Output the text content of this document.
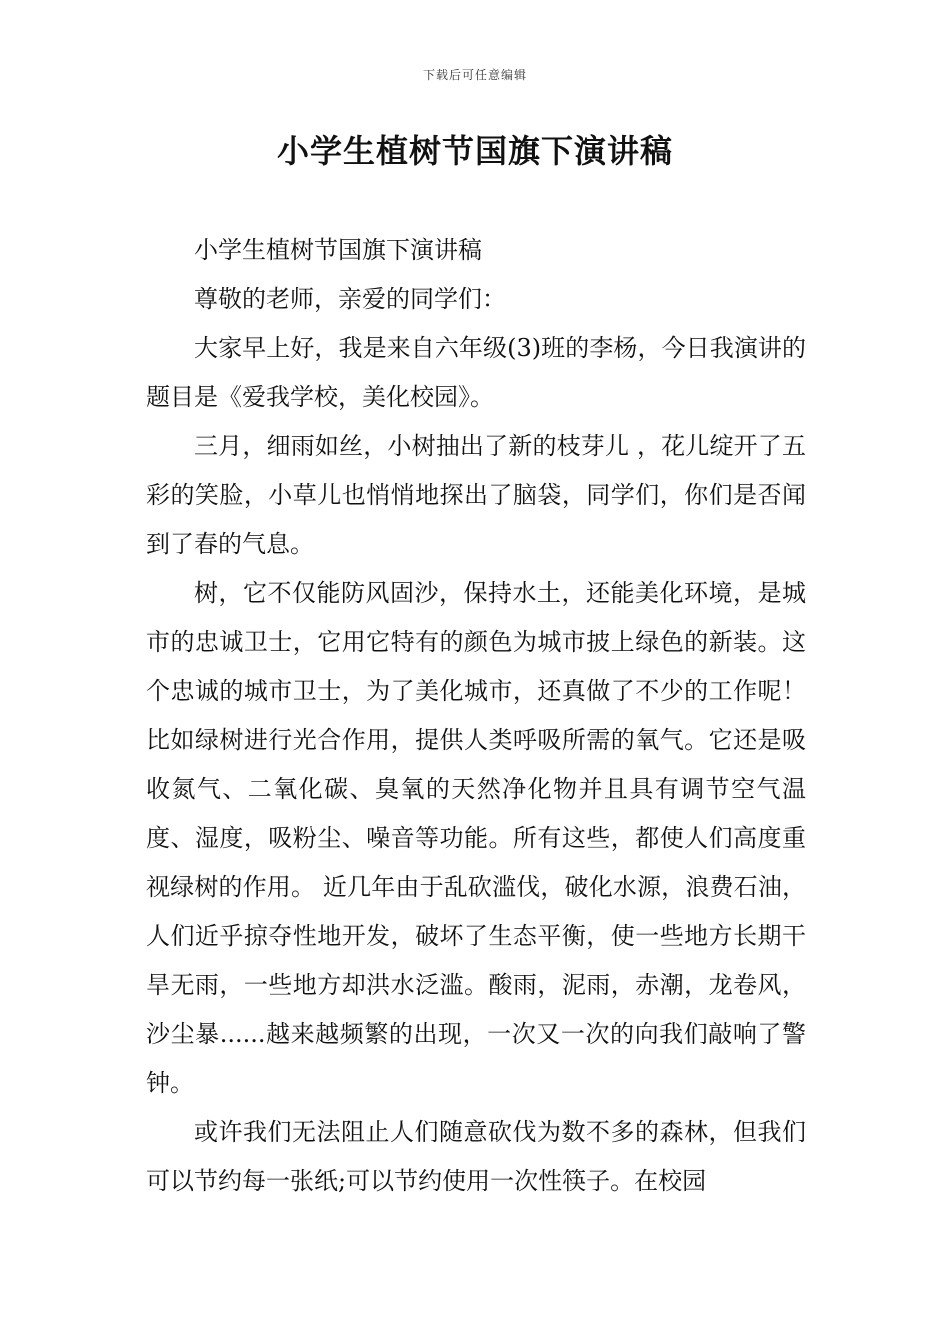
下载后可任意编辑
小学生植树节国旗下演讲稿

小学生植树节国旗下演讲稿

尊敬的老师，亲爱的同学们：

大家早上好，我是来自六年级(3)班的李杨，今日我演讲的题目是《爱我学校，美化校园》。

三月，细雨如丝，小树抽出了新的枝芽儿 ，花儿绽开了五彩的笑脸，小草儿也悄悄地探出了脑袋，同学们，你们是否闻到了春的气息。

树，它不仅能防风固沙，保持水土，还能美化环境，是城市的忠诚卫士，它用它特有的颜色为城市披上绿色的新装。这个忠诚的城市卫士，为了美化城市，还真做了不少的工作呢！比如绿树进行光合作用，提供人类呼吸所需的氧气。它还是吸收氮气、二氧化碳、臭氧的天然净化物并且具有调节空气温度、湿度，吸粉尘、噪音等功能。所有这些，都使人们高度重视绿树的作用。 近几年由于乱砍滥伐，破化水源，浪费石油，人们近乎掠夺性地开发，破坏了生态平衡，使一些地方长期干旱无雨，一些地方却洪水泛滥。酸雨，泥雨，赤潮，龙卷风，沙尘暴......越来越频繁的出现，一次又一次的向我们敲响了警钟。

或许我们无法阻止人们随意砍伐为数不多的森林，但我们可以节约每一张纸;可以节约使用一次性筷子。在校园
